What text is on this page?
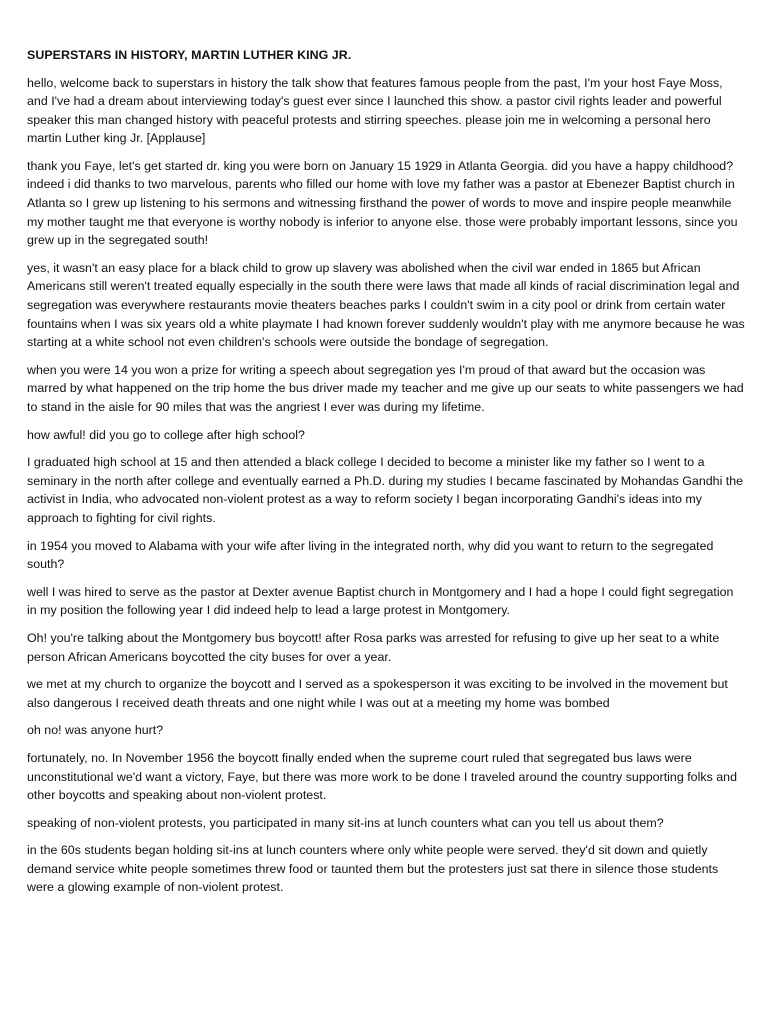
SUPERSTARS IN HISTORY, MARTIN LUTHER KING JR.

hello, welcome back to superstars in history the talk show that features famous people from the past, I'm your host Faye Moss, and I've had a dream about interviewing today's guest ever since I launched this show. a pastor civil rights leader and powerful speaker this man changed history with peaceful protests and stirring speeches. please join me in welcoming a personal hero martin Luther king Jr. [Applause]

thank you Faye, let's get started dr. king you were born on January 15 1929 in Atlanta Georgia. did you have a happy childhood? indeed i did thanks to two marvelous, parents who filled our home with love my father was a pastor at Ebenezer Baptist church in Atlanta so I grew up listening to his sermons and witnessing firsthand the power of words to move and inspire people meanwhile my mother taught me that everyone is worthy nobody is inferior to anyone else. those were probably important lessons, since you grew up in the segregated south!

yes, it wasn't an easy place for a black child to grow up slavery was abolished when the civil war ended in 1865 but African Americans still weren't treated equally especially in the south there were laws that made all kinds of racial discrimination legal and segregation was everywhere restaurants movie theaters beaches parks I couldn't swim in a city pool or drink from certain water fountains when I was six years old a white playmate I had known forever suddenly wouldn't play with me anymore because he was starting at a white school not even children's schools were outside the bondage of segregation.

when you were 14 you won a prize for writing a speech about segregation yes I'm proud of that award but the occasion was marred by what happened on the trip home the bus driver made my teacher and me give up our seats to white passengers we had to stand in the aisle for 90 miles that was the angriest I ever was during my lifetime.

how awful! did you go to college after high school?

I graduated high school at 15 and then attended a black college I decided to become a minister like my father so I went to a seminary in the north after college and eventually earned a Ph.D. during my studies I became fascinated by Mohandas Gandhi the activist in India, who advocated non-violent protest as a way to reform society I began incorporating Gandhi's ideas into my approach to fighting for civil rights.

in 1954 you moved to Alabama with your wife after living in the integrated north, why did you want to return to the segregated south?

well I was hired to serve as the pastor at Dexter avenue Baptist church in Montgomery and I had a hope I could fight segregation in my position the following year I did indeed help to lead a large protest in Montgomery.

Oh! you're talking about the Montgomery bus boycott! after Rosa parks was arrested for refusing to give up her seat to a white person African Americans boycotted the city buses for over a year.

we met at my church to organize the boycott and I served as a spokesperson it was exciting to be involved in the movement but also dangerous I received death threats and one night while I was out at a meeting my home was bombed

oh no! was anyone hurt?

fortunately, no. In November 1956 the boycott finally ended when the supreme court ruled that segregated bus laws were unconstitutional we'd want a victory, Faye, but there was more work to be done I traveled around the country supporting folks and other boycotts and speaking about non-violent protest.

speaking of non-violent protests, you participated in many sit-ins at lunch counters what can you tell us about them?

in the 60s students began holding sit-ins at lunch counters where only white people were served. they'd sit down and quietly demand service white people sometimes threw food or taunted them but the protesters just sat there in silence those students were a glowing example of non-violent protest.
